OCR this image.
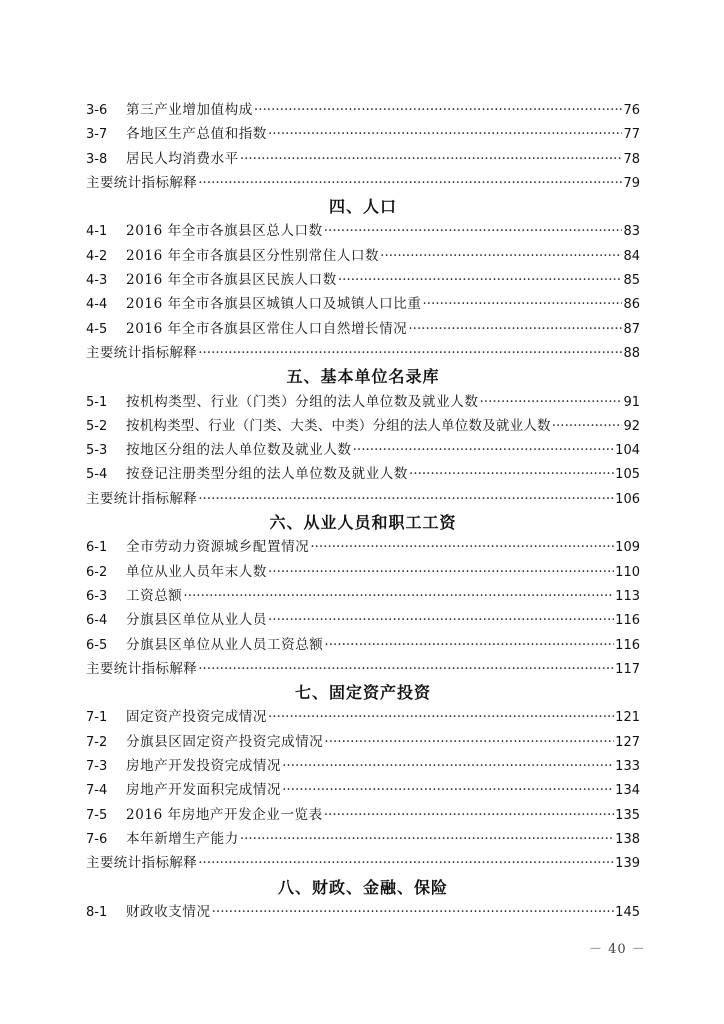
3-6	第三产业增加值构成 ·····	76
3-7	各地区生产总值和指数 ·····	77
3-8	居民人均消费水平 ·····	78
主要统计指标解释 ·····	79
四、人口
4-1	2016 年全市各旗县区总人口数 ·····	83
4-2	2016 年全市各旗县区分性别常住人口数 ·····	84
4-3	2016 年全市各旗县区民族人口数 ·····	85
4-4	2016 年全市各旗县区城镇人口及城镇人口比重 ·····	86
4-5	2016 年全市各旗县区常住人口自然增长情况 ·····	87
主要统计指标解释 ·····	88
五、基本单位名录库
5-1	按机构类型、行业（门类）分组的法人单位数及就业人数 ·····	91
5-2	按机构类型、行业（门类、大类、中类）分组的法人单位数及就业人数 ·····	92
5-3	按地区分组的法人单位数及就业人数 ·····	104
5-4	按登记注册类型分组的法人单位数及就业人数 ·····	105
主要统计指标解释 ·····	106
六、从业人员和职工工资
6-1	全市劳动力资源城乡配置情况 ·····	109
6-2	单位从业人员年末人数 ·····	110
6-3	工资总额 ·····	113
6-4	分旗县区单位从业人员 ·····	116
6-5	分旗县区单位从业人员工资总额 ·····	116
主要统计指标解释 ·····	117
七、固定资产投资
7-1	固定资产投资完成情况 ·····	121
7-2	分旗县区固定资产投资完成情况 ·····	127
7-3	房地产开发投资完成情况 ·····	133
7-4	房地产开发面积完成情况 ·····	134
7-5	2016 年房地产开发企业一览表 ·····	135
7-6	本年新增生产能力 ·····	138
主要统计指标解释 ·····	139
八、财政、金融、保险
8-1	财政收支情况 ·····	145
－ 40 －
